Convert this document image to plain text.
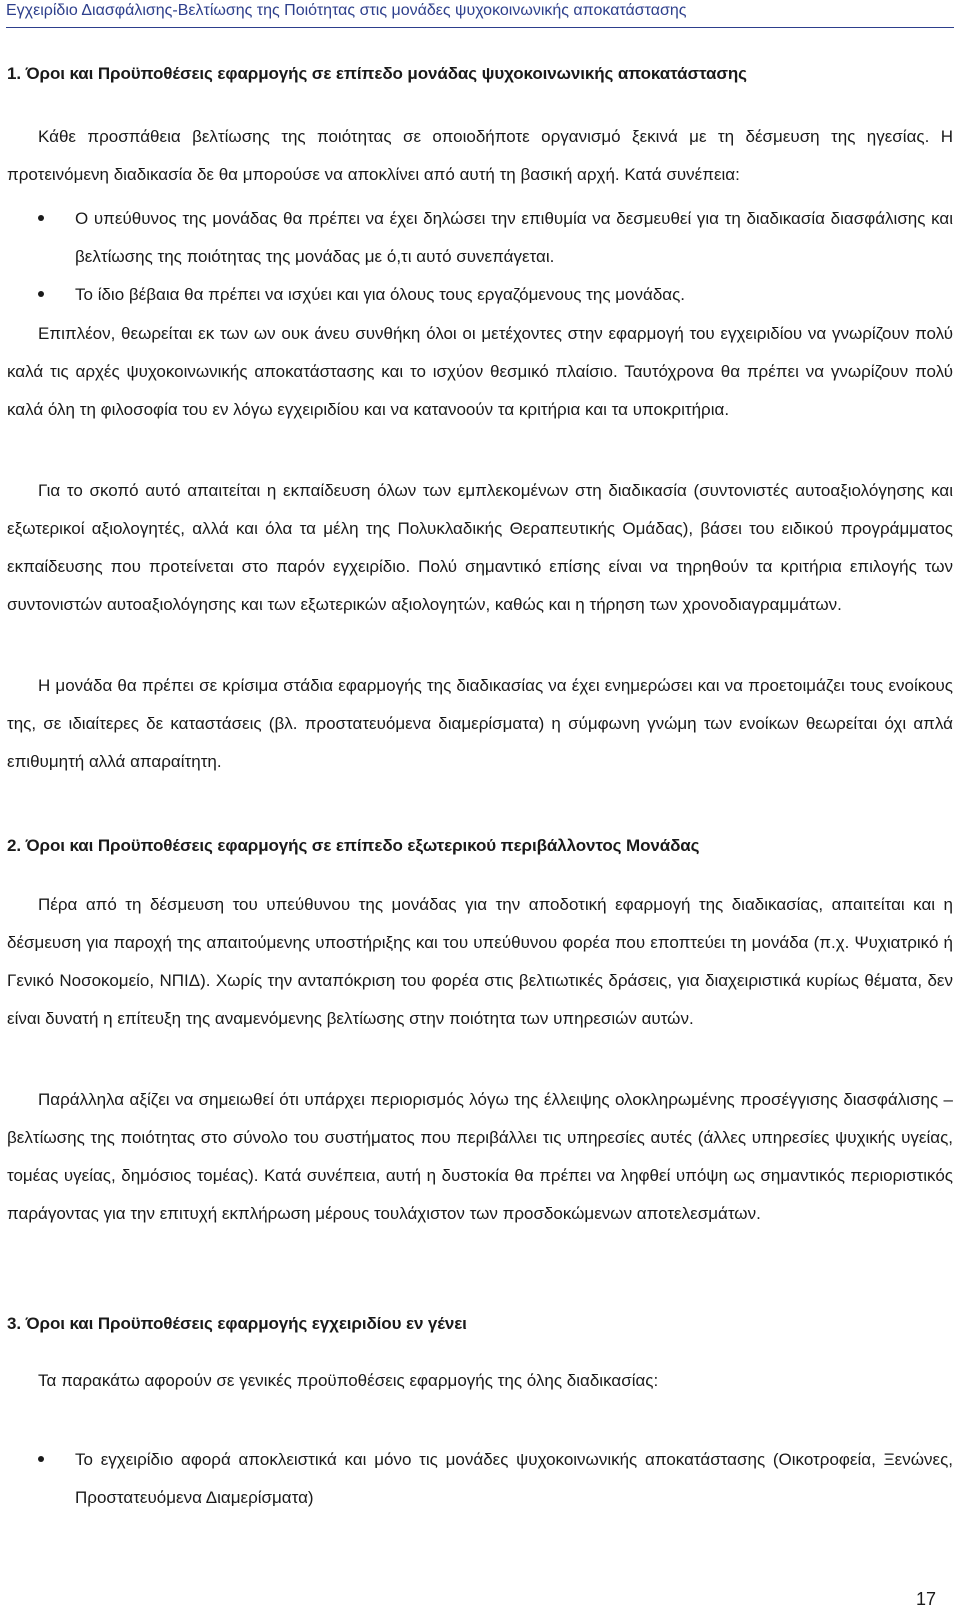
Εγχειρίδιο Διασφάλισης-Βελτίωσης της Ποιότητας στις μονάδες ψυχοκοινωνικής αποκατάστασης
1. Όροι και Προϋποθέσεις εφαρμογής σε επίπεδο μονάδας ψυχοκοινωνικής αποκατάστασης

Κάθε προσπάθεια βελτίωσης της ποιότητας σε οποιοδήποτε οργανισμό ξεκινά με τη δέσμευση της ηγεσίας. Η προτεινόμενη διαδικασία δε θα μπορούσε να αποκλίνει από αυτή τη βασική αρχή. Κατά συνέπεια:

Ο υπεύθυνος της μονάδας θα πρέπει να έχει δηλώσει την επιθυμία να δεσμευθεί για τη διαδικασία διασφάλισης και βελτίωσης της ποιότητας της μονάδας με ό,τι αυτό συνεπάγεται.
Το ίδιο βέβαια θα πρέπει να ισχύει και για όλους τους εργαζόμενους της μονάδας.

Επιπλέον, θεωρείται εκ των ων ουκ άνευ συνθήκη όλοι οι μετέχοντες στην εφαρμογή του εγχειριδίου να γνωρίζουν πολύ καλά τις αρχές ψυχοκοινωνικής αποκατάστασης και το ισχύον θεσμικό πλαίσιο. Ταυτόχρονα θα πρέπει να γνωρίζουν πολύ καλά όλη τη φιλοσοφία του εν λόγω εγχειριδίου και να κατανοούν τα κριτήρια και τα υποκριτήρια.

Για το σκοπό αυτό απαιτείται η εκπαίδευση όλων των εμπλεκομένων στη διαδικασία (συντονιστές αυτοαξιολόγησης και εξωτερικοί αξιολογητές, αλλά και όλα τα μέλη της Πολυκλαδικής Θεραπευτικής Ομάδας), βάσει του ειδικού προγράμματος εκπαίδευσης που προτείνεται στο παρόν εγχειρίδιο. Πολύ σημαντικό επίσης είναι να τηρηθούν τα κριτήρια επιλογής των συντονιστών αυτοαξιολόγησης και των εξωτερικών αξιολογητών, καθώς και η τήρηση των χρονοδιαγραμμάτων.

Η μονάδα θα πρέπει σε κρίσιμα στάδια εφαρμογής της διαδικασίας να έχει ενημερώσει και να προετοιμάζει τους ενοίκους της, σε ιδιαίτερες δε καταστάσεις (βλ. προστατευόμενα διαμερίσματα) η σύμφωνη γνώμη των ενοίκων θεωρείται όχι απλά επιθυμητή αλλά απαραίτητη.

2. Όροι και Προϋποθέσεις εφαρμογής σε επίπεδο εξωτερικού περιβάλλοντος Μονάδας

Πέρα από τη δέσμευση του υπεύθυνου της μονάδας για την αποδοτική εφαρμογή της διαδικασίας, απαιτείται και η δέσμευση για παροχή της απαιτούμενης υποστήριξης και του υπεύθυνου φορέα που εποπτεύει τη μονάδα (π.χ. Ψυχιατρικό ή Γενικό Νοσοκομείο, ΝΠΙΔ). Χωρίς την ανταπόκριση του φορέα στις βελτιωτικές δράσεις, για διαχειριστικά κυρίως θέματα, δεν είναι δυνατή η επίτευξη της αναμενόμενης βελτίωσης στην ποιότητα των υπηρεσιών αυτών.

Παράλληλα αξίζει να σημειωθεί ότι υπάρχει περιορισμός λόγω της έλλειψης ολοκληρωμένης προσέγγισης διασφάλισης – βελτίωσης της ποιότητας στο σύνολο του συστήματος που περιβάλλει τις υπηρεσίες αυτές (άλλες υπηρεσίες ψυχικής υγείας, τομέας υγείας, δημόσιος τομέας). Κατά συνέπεια, αυτή η δυστοκία θα πρέπει να ληφθεί υπόψη ως σημαντικός περιοριστικός παράγοντας για την επιτυχή εκπλήρωση μέρους τουλάχιστον των προσδοκώμενων αποτελεσμάτων.

3. Όροι και Προϋποθέσεις εφαρμογής εγχειριδίου εν γένει

Τα παρακάτω αφορούν σε γενικές προϋποθέσεις εφαρμογής της όλης διαδικασίας:

Το εγχειρίδιο αφορά αποκλειστικά και μόνο τις μονάδες ψυχοκοινωνικής αποκατάστασης (Οικοτροφεία, Ξενώνες, Προστατευόμενα Διαμερίσματα)
17
